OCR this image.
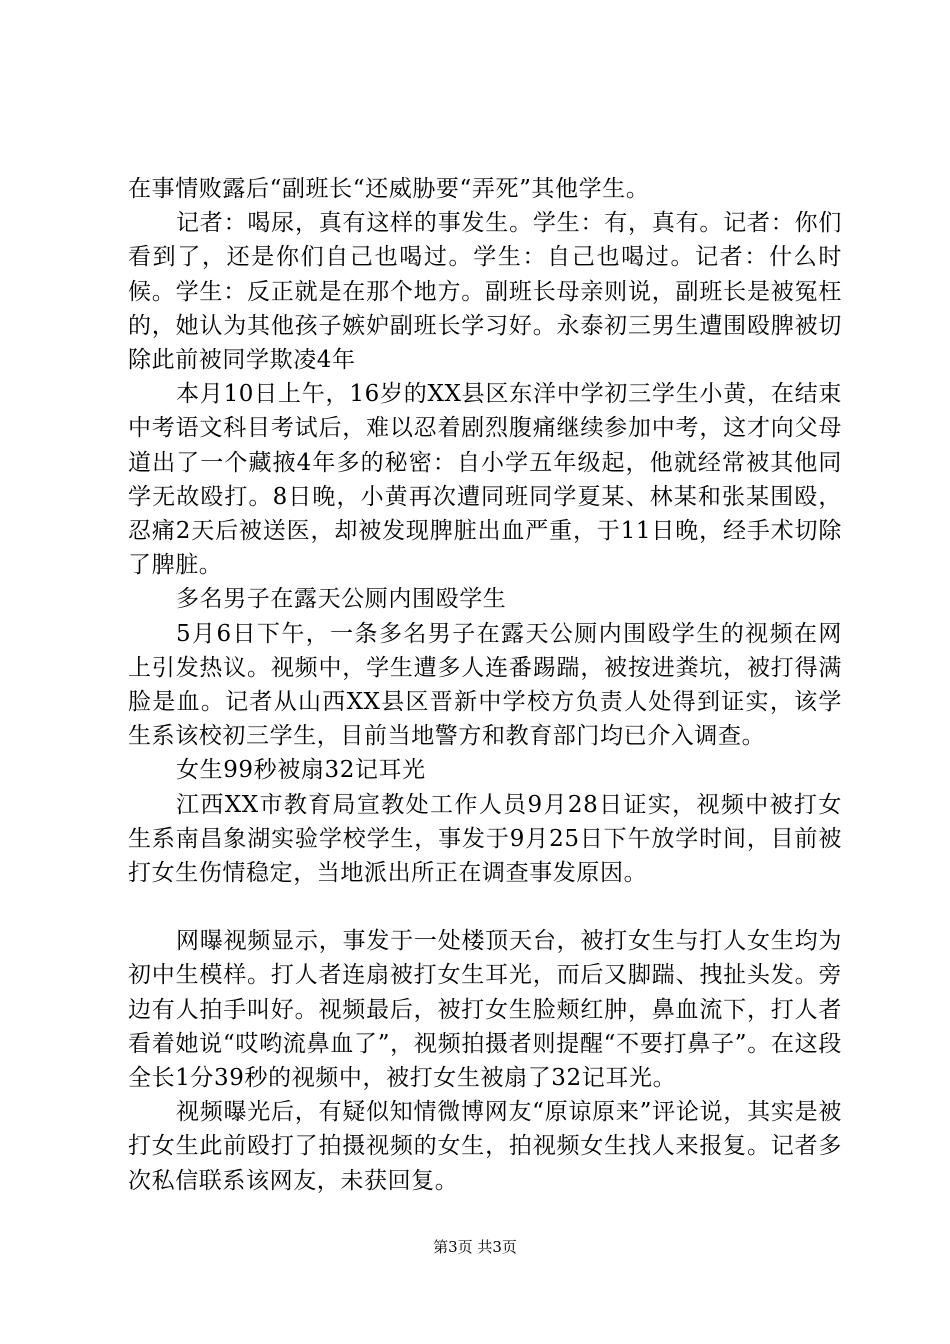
在事情败露后“副班长“还威胁要“弄死”其他学生。

记者：喝尿，真有这样的事发生。学生：有，真有。记者：你们看到了，还是你们自己也喝过。学生：自己也喝过。记者：什么时候。学生：反正就是在那个地方。副班长母亲则说，副班长是被冤枉的，她认为其他孩子嫉妒副班长学习好。永泰初三男生遭围殴脾被切除此前被同学欺凌4年

本月10日上午，16岁的XX县区东洋中学初三学生小黄，在结束中考语文科目考试后，难以忍着剧烈腹痛继续参加中考，这才向父母道出了一个藏掖4年多的秘密：自小学五年级起，他就经常被其他同学无故殴打。8日晚，小黄再次遭同班同学夏某、林某和张某围殴，忍痛2天后被送医，却被发现脾脏出血严重，于11日晚，经手术切除了脾脏。

多名男子在露天公厕内围殴学生

5月6日下午，一条多名男子在露天公厕内围殴学生的视频在网上引发热议。视频中，学生遭多人连番踢踹，被按进粪坑，被打得满脸是血。记者从山西XX县区晋新中学校方负责人处得到证实，该学生系该校初三学生，目前当地警方和教育部门均已介入调查。

女生99秒被扇32记耳光

江西XX市教育局宣教处工作人员9月28日证实，视频中被打女生系南昌象湖实验学校学生，事发于9月25日下午放学时间，目前被打女生伤情稳定，当地派出所正在调查事发原因。

网曝视频显示，事发于一处楼顶天台，被打女生与打人女生均为初中生模样。打人者连扇被打女生耳光，而后又脚踹、拽扯头发。旁边有人拍手叫好。视频最后，被打女生脸颊红肿，鼻血流下，打人者看着她说“哎哟流鼻血了”，视频拍摄者则提醒“不要打鼻子”。在这段全长1分39秒的视频中，被打女生被扇了32记耳光。

视频曝光后，有疑似知情微博网友“原谅原来”评论说，其实是被打女生此前殴打了拍摄视频的女生，拍视频女生找人来报复。记者多次私信联系该网友，未获回复。

第3页 共3页
